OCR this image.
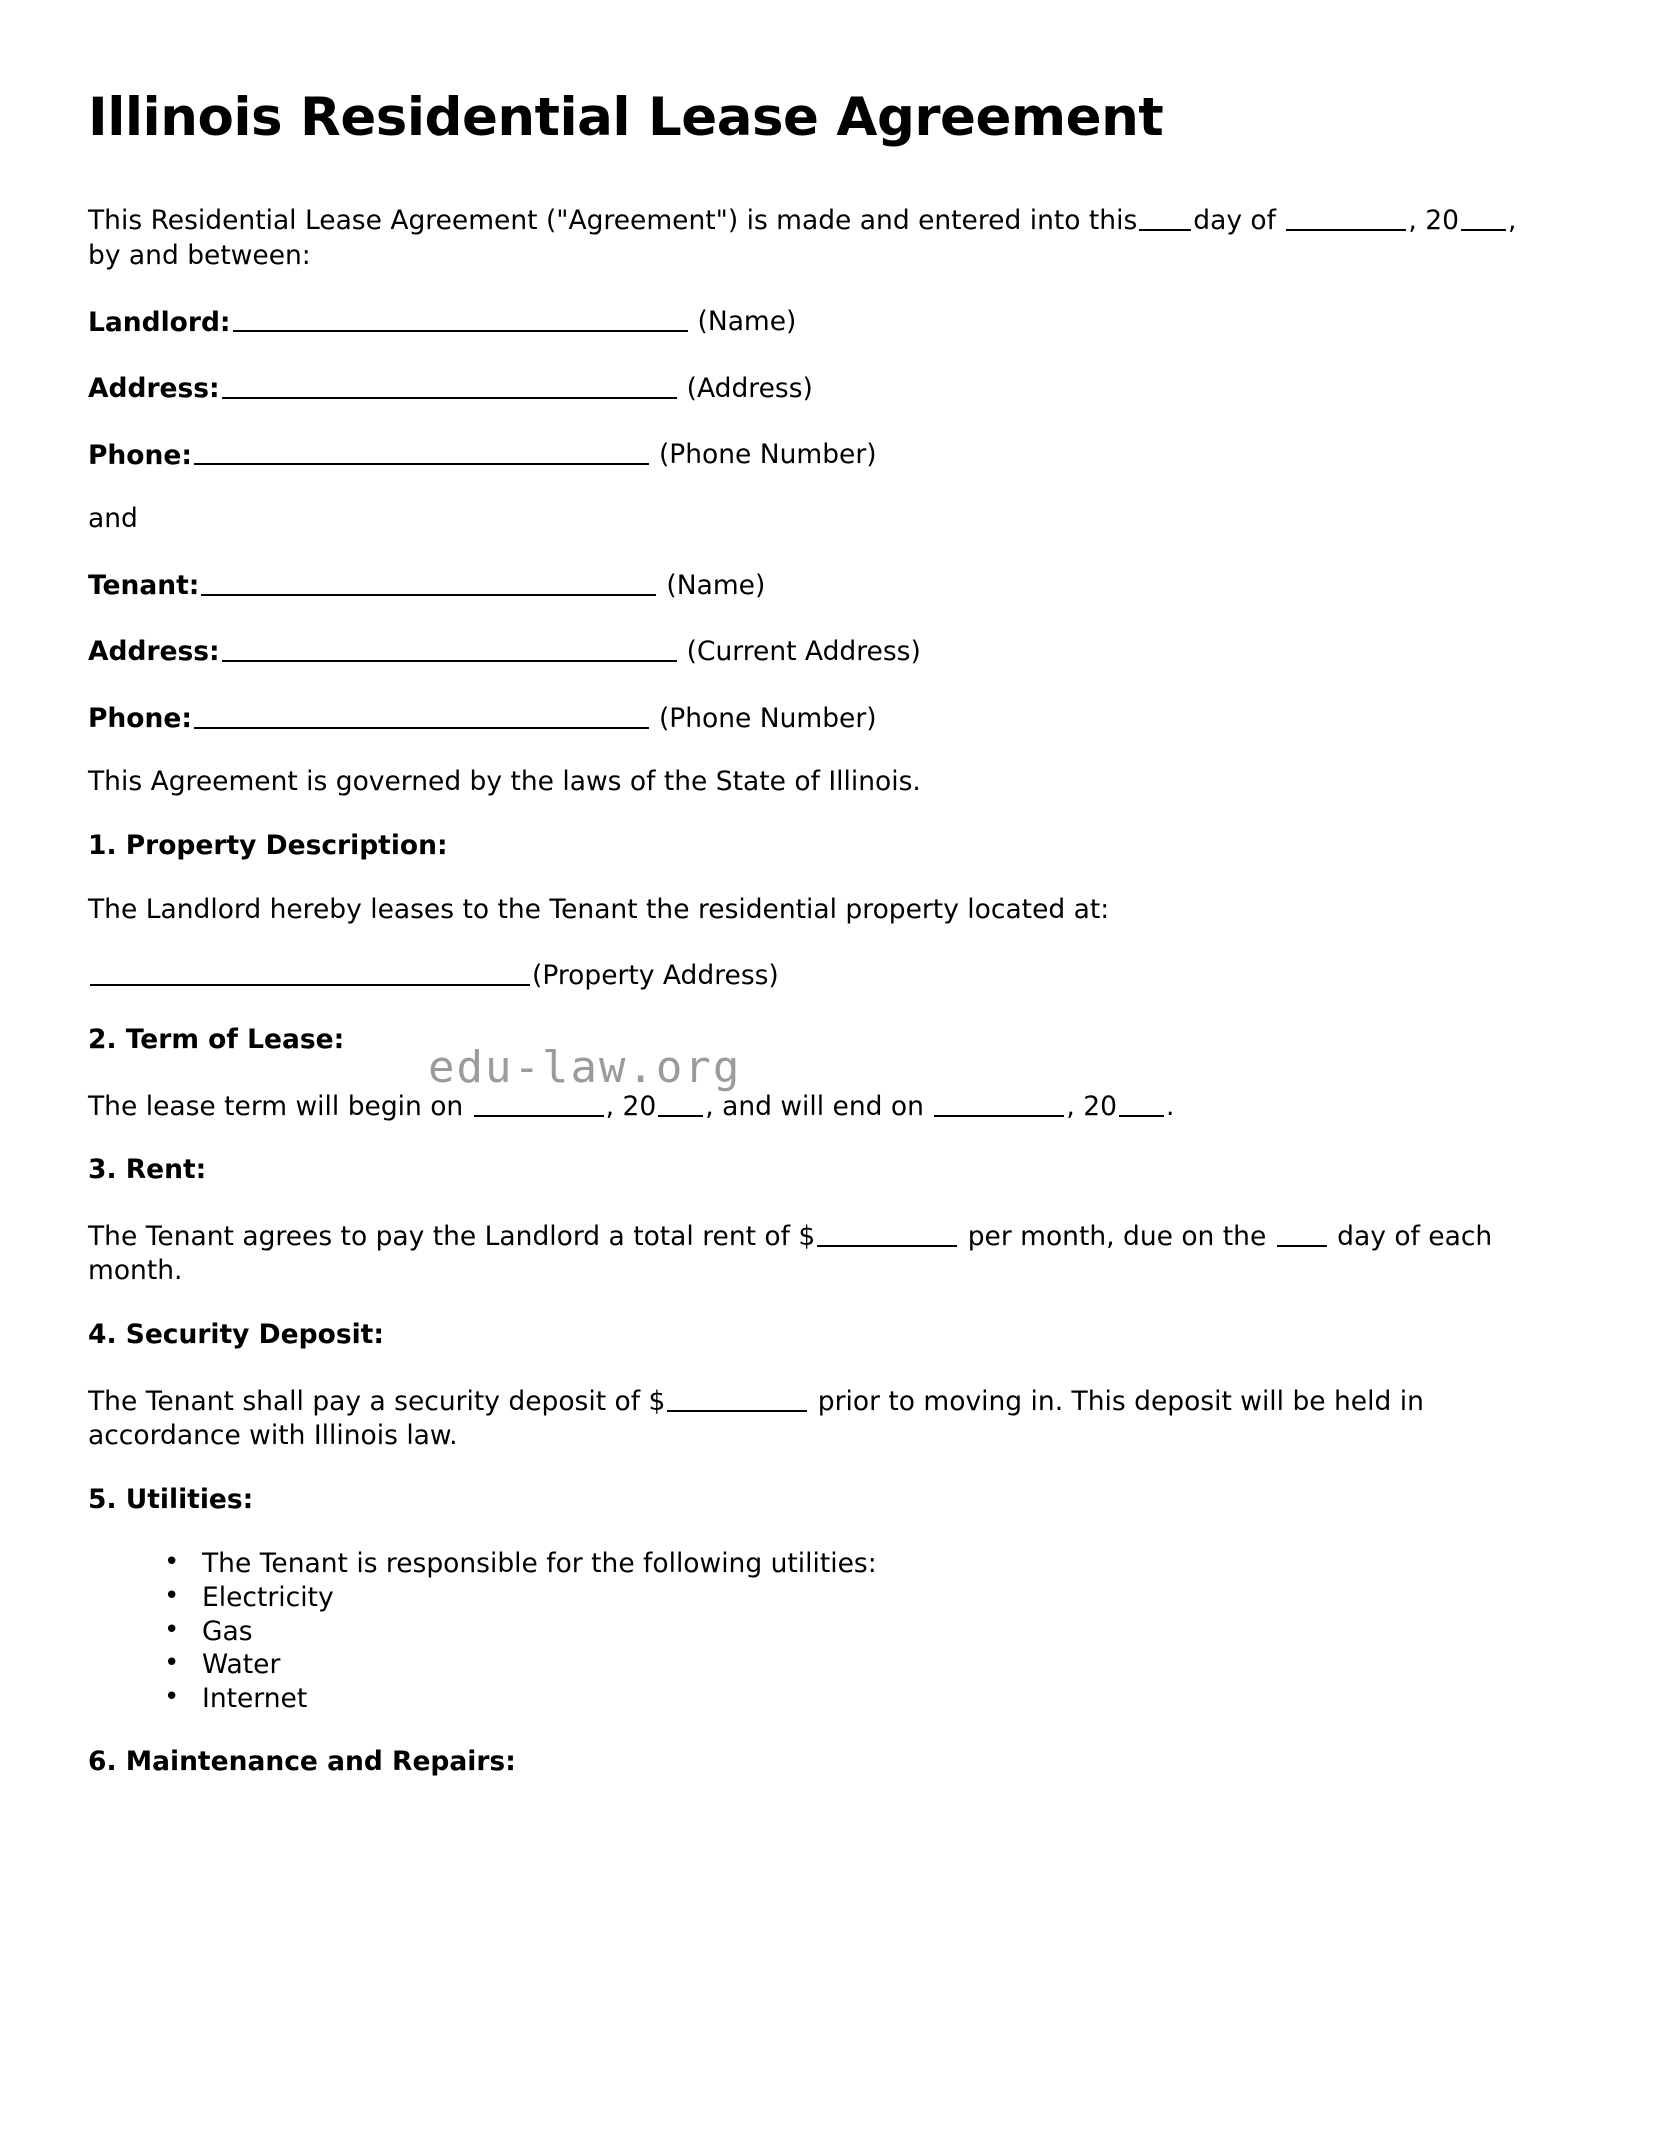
Illinois Residential Lease Agreement

This Residential Lease Agreement ("Agreement") is made and entered into this day of	, 20 , by and between:

Landlord:	(Name)
Address:	(Address)
Phone:	(Phone Number)

and

Tenant:	(Name)
Address:	(Current Address)
Phone:	(Phone Number)

This Agreement is governed by the laws of the State of Illinois.

1. Property Description:

The Landlord hereby leases to the Tenant the residential property located at:

(Property Address)
2. Term of Lease:

The lease term will begin on	, 20 , and will end on	, 20 .

3. Rent:

The Tenant agrees to pay the Landlord a total rent of $	per month, due on the	day of each month.

4. Security Deposit:

The Tenant shall pay a security deposit of $	prior to moving in. This deposit will be held in accordance with Illinois law.

5. Utilities:
• The Tenant is responsible for the following utilities:
• Electricity
• Gas
• Water
• Internet
6. Maintenance and Repairs:
edu-law.org
